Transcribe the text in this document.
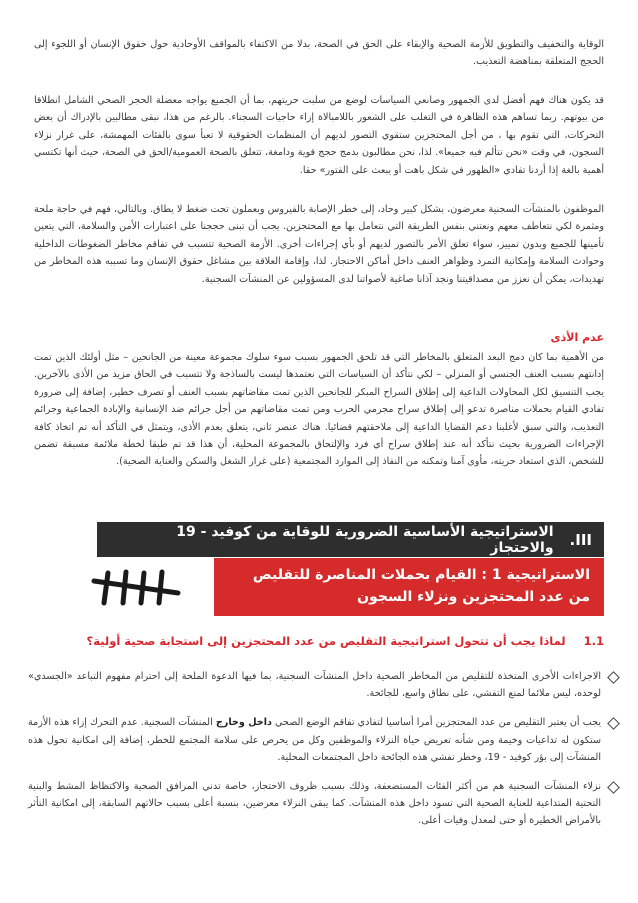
الوقاية والتخفيف والتطويق للأزمة الصحية والإبقاء على الحق في الصحة، بدلا من الاكتفاء بالمواقف الأوحادية حول حقوق الإنسان أو اللجوء إلى الحجج المتعلقة بمناهضة التعذيب.

قد يكون هناك فهم أفضل لدى الجمهور وصانعي السياسات لوضع من سلبت حريتهم، بما أن الجميع يواجه معضلة الحجر الصحي الشامل انطلاقا من بيوتهم. ربما تساهم هذه الظاهرة في التغلب على الشعور باللامبالاة إزاء حاجيات السجناء. بالرغم من هذا، نبقى مطالبين بالإدراك أن بعض التحركات، التي تقوم بها ، من أجل المحتجزين ستقوي التصور لديهم أن المنظمات الحقوقية لا تعبأ سوى بالفئات المهمشة، على غرار نزلاء السجون، في وقت «نحن نتألم فيه جميعا». لذا، نحن مطالبون بدمج حجج قوية ودامغة، تتعلق بالصحة العمومية/الحق في الصحة، حيث أنها تكتسي أهمية بالغة إذا أردنا تفادي «الظهور في شكل باهت أو يبعث على الفتور» حقا.

الموظفون بالمنشآت السجنية معرضون، بشكل كبير وحاد، إلى خطر الإصابة بالفيروس ويعملون تحت ضغط لا يطاق. وبالتالي، فهم في حاجة ملحة ومثمرة لكي نتعاطف معهم ونعتني بنفس الطريقة التي نتعامل بها مع المحتجزين. يجب أن تبنى حججنا على اعتبارات الأمن والسلامة، التي يتعين تأمينها للجميع وبدون تمييز، سواء تعلق الأمر بالتصور لديهم أو بأي إجراءات أخرى. الأزمة الصحية تتسبب في تفاقم مخاطر الضغوطات الداخلية وحوادث السلامة وإمكانية التمرد وظواهر العنف داخل أماكن الاحتجاز. لذا، وإقامة العلاقة بين مشاغل حقوق الإنسان وما تسببه هذه المخاطر من تهديدات، يمكن أن نعزز من مصداقيتنا ونجد آذانا صاغية لأصواتنا لدى المسؤولين عن المنشآت السجنية.

عدم الأذى

من الأهمية بما كان دمج البعد المتعلق بالمخاطر التي قد تلحق الجمهور بسبب سوء سلوك مجموعة معينة من الجانحين – مثل أولئك الذين تمت إدانتهم بسبب العنف الجنسي أو المنزلي – لكي نتأكد أن السياسات التي نعتمدها ليست بالساذجة ولا تتسبب في الحاق مزيد من الأذى بالآخرين. يجب التنسيق لكل المحاولات الداعية إلى إطلاق السراح المبكر للجانحين الذين تمت مقاضاتهم بسبب العنف أو تصرف خطير، إضافة إلى ضرورة تفادي القيام بحملات مناصرة تدعو إلى إطلاق سراح مجرمي الحرب ومن تمت مقاضاتهم من أجل جرائم ضد الإنسانية والإبادة الجماعية وجرائم التعذيب، والتي سبق لأغلبنا دعم القضايا الداعية إلى ملاحقتهم قضائيا. هناك عنصر ثاني، يتعلق بعدم الأذى، ويتمثل في التأكد أنه تم اتخاذ كافة الإجراءات الضرورية بحيث نتأكد أنه عند إطلاق سراح أي فرد والإلتحاق بالمجموعة المحلية، أن هذا قد تم طبقا لخطة ملائمة مسبقة تضمن للشخص، الذي استعاد حريته، مأوى آمنا وتمكنه من النفاذ إلى الموارد المجتمعية (على غرار الشغل والسكن والعناية الصحية).

III.
الاستراتيجية الأساسية الضرورية للوقاية من كوفيد - 19 والاحتجاز
الاستراتيجية 1 : القيام بحملات المناصرة للتقليص من عدد المحتجزين ونزلاء السجون
1.1
لماذا يجب أن تتحول استراتيجية التقليص من عدد المحتجزين إلى استجابة صحية أولية؟
الاجراءات الأخرى المتخذة للتقليص من المخاطر الصحية داخل المنشآت السجنية، بما فيها الدعوة الملحة إلى احترام مفهوم التباعد «الجسدي» لوحده، ليس ملائما لمنع التفشي، على نطاق واسع، للجائحة.
يجب أن يعتبر التقليص من عدد المحتجزين أمرا أساسيا لتفادي تفاقم الوضع الصحي داخل وخارج المنشآت السجنية. عدم التحرك إزاء هذه الأزمة ستكون له تداعيات وخيمة ومن شأنه تعريض حياة النزلاء والموظفين وكل من يحرص على سلامة المجتمع للخطر، إضافة إلى امكانية تحول هذه المنشآت إلى بؤر كوفيد - 19، وخطر تفشي هذه الجائحة داخل المجتمعات المحلية.
نزلاء المنشآت السجنية هم من أكثر الفئات المستضعفة، وذلك بسبب ظروف الاحتجاز، خاصة تدني المرافق الصحية والاكتظاظ المشط والبنية التحتية المتداعية للعناية الصحية التي تسود داخل هذه المنشآت. كما يبقى النزلاء معرضين، بنسبة أعلى بسبب حالاتهم السابقة، إلى امكانية التأثر بالأمراض الخطيرة أو حتى لمعدل وفيات أعلى.
